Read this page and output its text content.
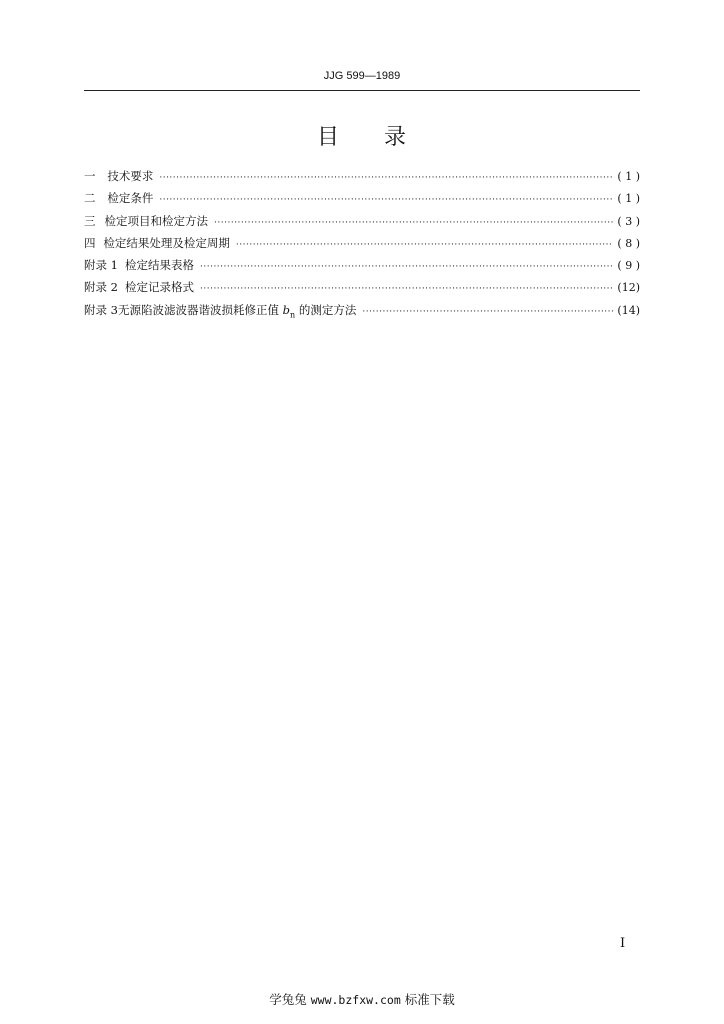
JJG 599—1989
目 录
一	技术要求 ·····	( 1 )
二	检定条件 ·····	( 1 )
三 检定项目和检定方法 ·····	( 3 )
四 检定结果处理及检定周期 ·····	( 8 )
附录 1 检定结果表格 ·····	( 9 )
附录 2 检定记录格式 ·····	(12)
附录 3 无源陷波滤波器谐波损耗修正值 $b_n$ 的测定方法 ·····	(14)
I
学兔兔 www.bzfxw.com 标准下载
